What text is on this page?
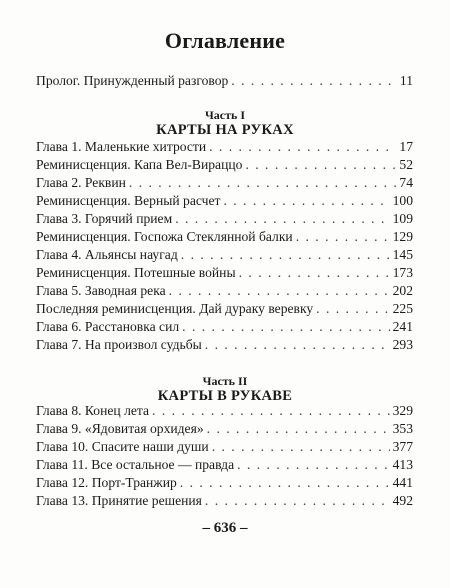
Оглавление
Пролог. Принужденный разговор . . .	11
Часть I
КАРТЫ НА РУКАХ
Глава 1. Маленькие хитрости . . .	17
Реминисценция. Капа Вел-Вираццо . . .	52
Глава 2. Реквин . . .	74
Реминисценция. Верный расчет . . .	100
Глава 3. Горячий прием . . .	109
Реминисценция. Госпожа Стеклянной балки . . .	129
Глава 4. Альянсы наугад . . .	145
Реминисценция. Потешные войны . . .	173
Глава 5. Заводная река . . .	202
Последняя реминисценция. Дай дураку веревку . . .	225
Глава 6. Расстановка сил . . .	241
Глава 7. На произвол судьбы . . .	293
Часть II
КАРТЫ В РУКАВЕ
Глава 8. Конец лета . . .	329
Глава 9. «Ядовитая орхидея» . . .	353
Глава 10. Спасите наши души . . .	377
Глава 11. Все остальное — правда . . .	413
Глава 12. Порт-Транжир . . .	441
Глава 13. Принятие решения . . .	492
– 636 –
